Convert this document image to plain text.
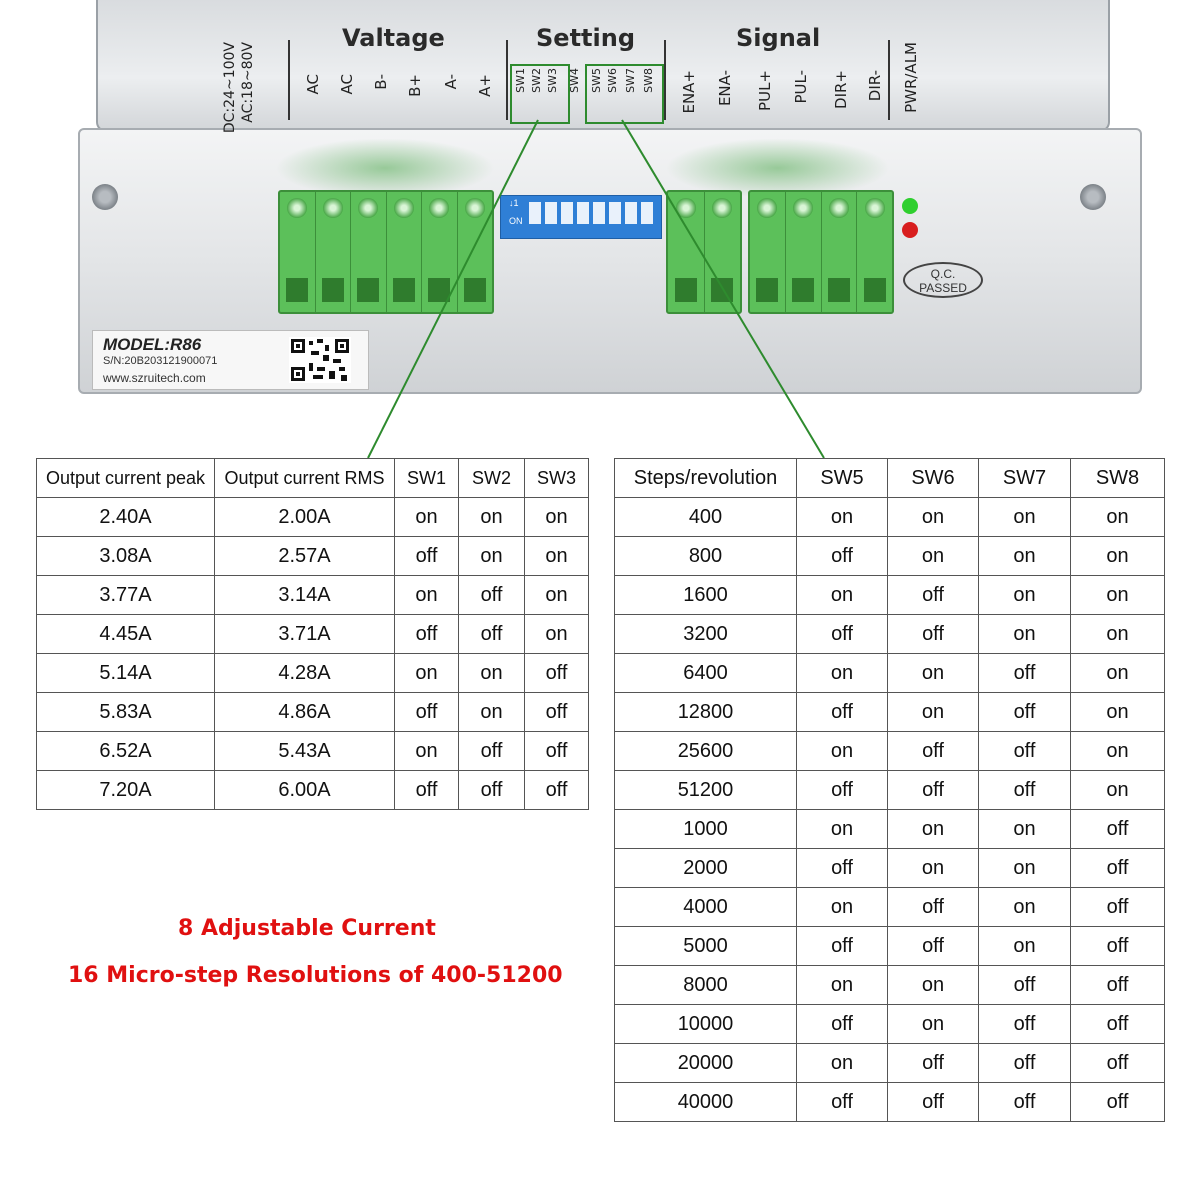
DC:24~100V AC:18~80V
Valtage
AC AC B- B+ A- A+
Setting
SW1 SW2 SW3 SW4 SW5 SW6 SW7 SW8
Signal
ENA+ ENA- PUL+ PUL- DIR+ DIR- PWR/ALM
↓1
ON
Q.C.
PASSED
MODEL:R86
S/N:20B203121900071
www.szruitech.com
Output current peak	Output current RMS	SW1	SW2	SW3
2.40A	2.00A	on	on	on
3.08A	2.57A	off	on	on
3.77A	3.14A	on	off	on
4.45A	3.71A	off	off	on
5.14A	4.28A	on	on	off
5.83A	4.86A	off	on	off
6.52A	5.43A	on	off	off
7.20A	6.00A	off	off	off
Steps/revolution	SW5	SW6	SW7	SW8
400	on	on	on	on
800	off	on	on	on
1600	on	off	on	on
3200	off	off	on	on
6400	on	on	off	on
12800	off	on	off	on
25600	on	off	off	on
51200	off	off	off	on
1000	on	on	on	off
2000	off	on	on	off
4000	on	off	on	off
5000	off	off	on	off
8000	on	on	off	off
10000	off	on	off	off
20000	on	off	off	off
40000	off	off	off	off
8 Adjustable Current
16 Micro-step Resolutions of 400-51200
